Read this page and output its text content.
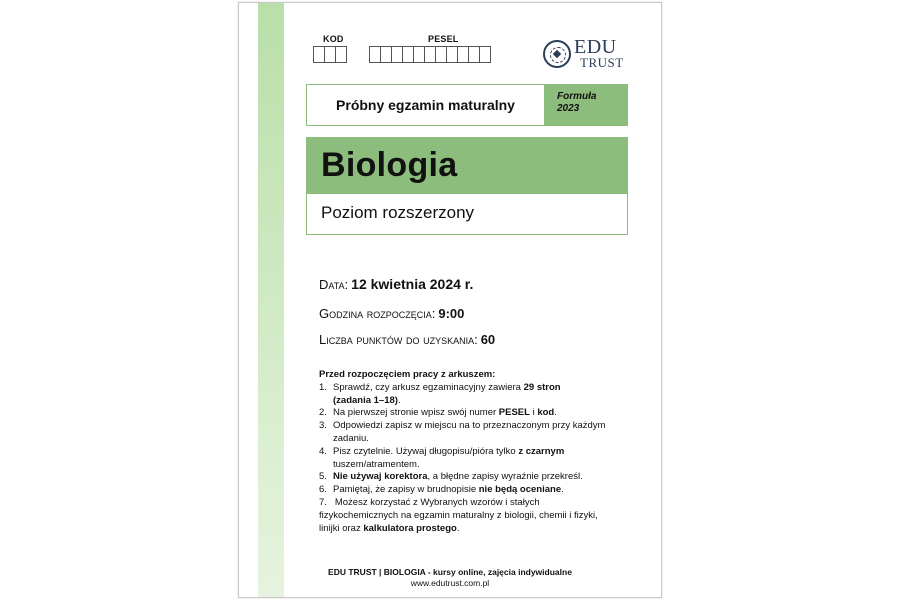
KOD	PESEL	EDU
TRUST
Próbny egzamin maturalny
Formuła
2023
Biologia
Poziom rozszerzony
Data: 12 kwietnia 2024 r.
Godzina rozpoczęcia: 9:00
Liczba punktów do uzyskania: 60
Przed rozpoczęciem pracy z arkuszem:
1. Sprawdź, czy arkusz egzaminacyjny zawiera 29 stron
(zadania 1–18).
2. Na pierwszej stronie wpisz swój numer PESEL i kod.
3. Odpowiedzi zapisz w miejscu na to przeznaczonym przy każdym zadaniu.
4. Pisz czytelnie. Używaj długopisu/pióra tylko z czarnym tuszem/atramentem.
5. Nie używaj korektora, a błędne zapisy wyraźnie przekreśl.
6. Pamiętaj, że zapisy w brudnopisie nie będą oceniane.
7. Możesz korzystać z Wybranych wzorów i stałych fizykochemicznych na egzamin maturalny z biologii, chemii i fizyki, linijki oraz kalkulatora prostego.
EDU TRUST | BIOLOGIA - kursy online, zajęcia indywidualne
www.edutrust.com.pl
